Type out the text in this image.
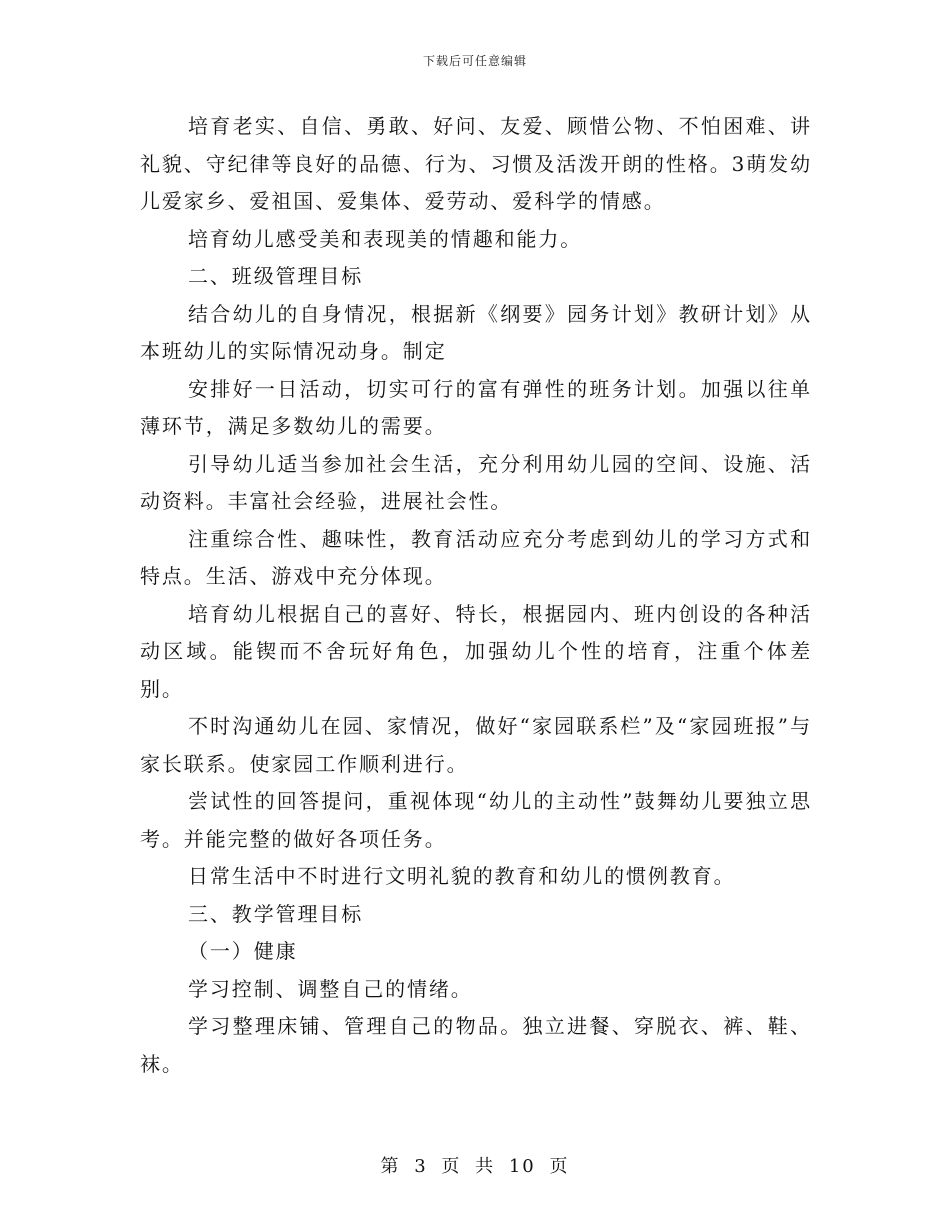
下载后可任意编辑

培育老实、自信、勇敢、好问、友爱、顾惜公物、不怕困难、讲礼貌、守纪律等良好的品德、行为、习惯及活泼开朗的性格。3萌发幼儿爱家乡、爱祖国、爱集体、爱劳动、爱科学的情感。

培育幼儿感受美和表现美的情趣和能力。

二、班级管理目标

结合幼儿的自身情况，根据新《纲要》园务计划》教研计划》从本班幼儿的实际情况动身。制定

安排好一日活动，切实可行的富有弹性的班务计划。加强以往单薄环节，满足多数幼儿的需要。

引导幼儿适当参加社会生活，充分利用幼儿园的空间、设施、活动资料。丰富社会经验，进展社会性。

注重综合性、趣味性，教育活动应充分考虑到幼儿的学习方式和特点。生活、游戏中充分体现。

培育幼儿根据自己的喜好、特长，根据园内、班内创设的各种活动区域。能锲而不舍玩好角色，加强幼儿个性的培育，注重个体差别。

不时沟通幼儿在园、家情况，做好“家园联系栏”及“家园班报”与家长联系。使家园工作顺利进行。

尝试性的回答提问，重视体现“幼儿的主动性”鼓舞幼儿要独立思考。并能完整的做好各项任务。

日常生活中不时进行文明礼貌的教育和幼儿的惯例教育。

三、教学管理目标

（一）健康

学习控制、调整自己的情绪。

学习整理床铺、管理自己的物品。独立进餐、穿脱衣、裤、鞋、袜。

第 3 页 共 10 页
